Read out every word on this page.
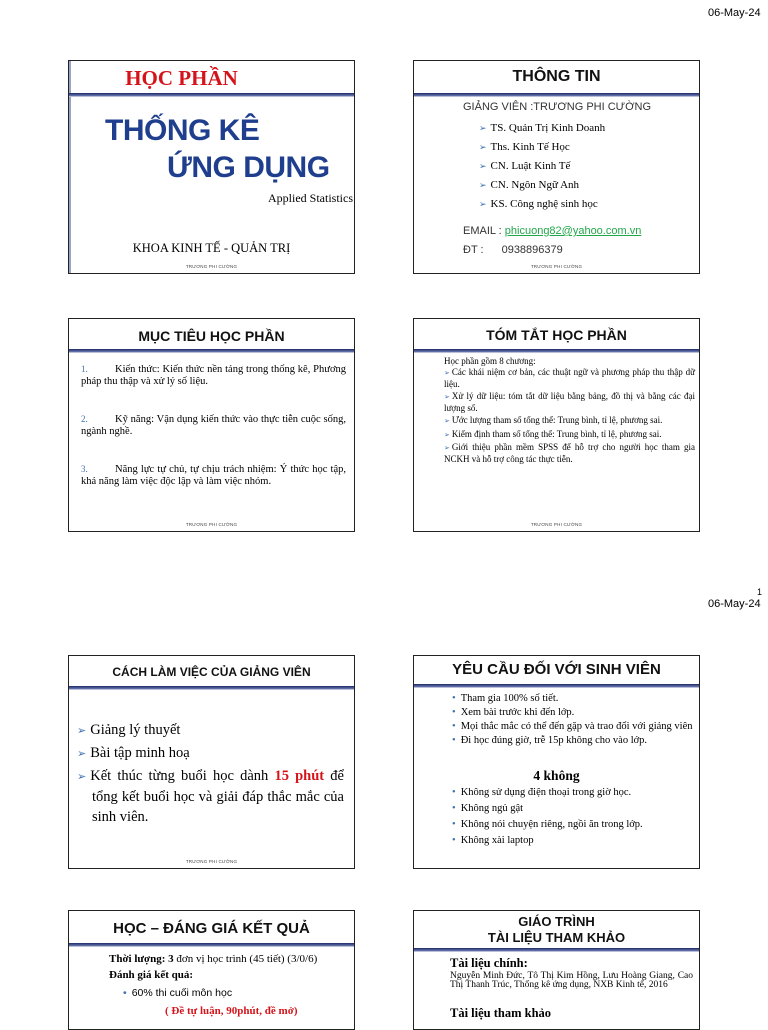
06-May-24
1
06-May-24
HỌC PHẦN
THỐNG KÊ
ỨNG DỤNG
Applied Statistics
KHOA KINH TẾ - QUẢN TRỊ
TRƯƠNG PHI CƯỜNG
THÔNG TIN
GIẢNG VIÊN :TRƯƠNG PHI CƯỜNG
➢ TS. Quản Trị Kinh Doanh
➢ Ths. Kinh Tế Học
➢ CN. Luật Kinh Tế
➢ CN. Ngôn Ngữ Anh
➢ KS. Công nghệ sinh học
EMAIL : phicuong82@yahoo.com.vn
ĐT : 0938896379
TRƯƠNG PHI CƯỜNG
MỤC TIÊU HỌC PHẦN
1.	Kiến thức: Kiến thức nền tảng trong thống kê, Phương pháp thu thập và xử lý số liệu.
2.	Kỹ năng: Vận dụng kiến thức vào thực tiễn cuộc sống, ngành nghề.
3.	Năng lực tự chủ, tự chịu trách nhiệm: Ý thức học tập, khả năng làm việc độc lập và làm việc nhóm.
TRƯƠNG PHI CƯỜNG
TÓM TẮT HỌC PHẦN
Học phần gồm 8 chương:
➢ Các khái niệm cơ bản, các thuật ngữ và phương pháp thu thập dữ liệu.
➢ Xử lý dữ liệu: tóm tắt dữ liệu bằng bảng, đồ thị và bằng các đại lượng số.
➢ Ước lượng tham số tổng thể: Trung bình, tỉ lệ, phương sai.
➢ Kiểm định tham số tổng thể: Trung bình, tỉ lệ, phương sai.
➢ Giới thiệu phần mềm SPSS để hỗ trợ cho người học tham gia NCKH và hỗ trợ công tác thực tiễn.
TRƯƠNG PHI CƯỜNG
CÁCH LÀM VIỆC CỦA GIẢNG VIÊN
➢ Giảng lý thuyết
➢ Bài tập minh hoạ
➢ Kết thúc từng buổi học dành 15 phút để tổng kết buổi học và giải đáp thắc mắc của sinh viên.
TRƯƠNG PHI CƯỜNG
YÊU CẦU ĐỐI VỚI SINH VIÊN
• Tham gia 100% số tiết.
• Xem bài trước khi đến lớp.
• Mọi thắc mắc có thể đến gặp và trao đổi với giảng viên
• Đi học đúng giờ, trễ 15p không cho vào lớp.
4 không
• Không sử dụng điện thoại trong giờ học.
• Không ngủ gật
• Không nói chuyện riêng, ngồi ăn trong lớp.
• Không xài laptop
HỌC – ĐÁNG GIÁ KẾT QUẢ
Thời lượng: 3 đơn vị học trình (45 tiết) (3/0/6)
Đánh giá kết quả:
• 60% thi cuối môn học
( Đề tự luận, 90phút, đề mở)
GIÁO TRÌNH
TÀI LIỆU THAM KHẢO
Tài liệu chính:
Nguyễn Minh Đức, Tô Thị Kim Hồng, Lưu Hoàng Giang, Cao Thị Thanh Trúc, Thống kê ứng dụng, NXB Kinh tế, 2016
Tài liệu tham khảo
